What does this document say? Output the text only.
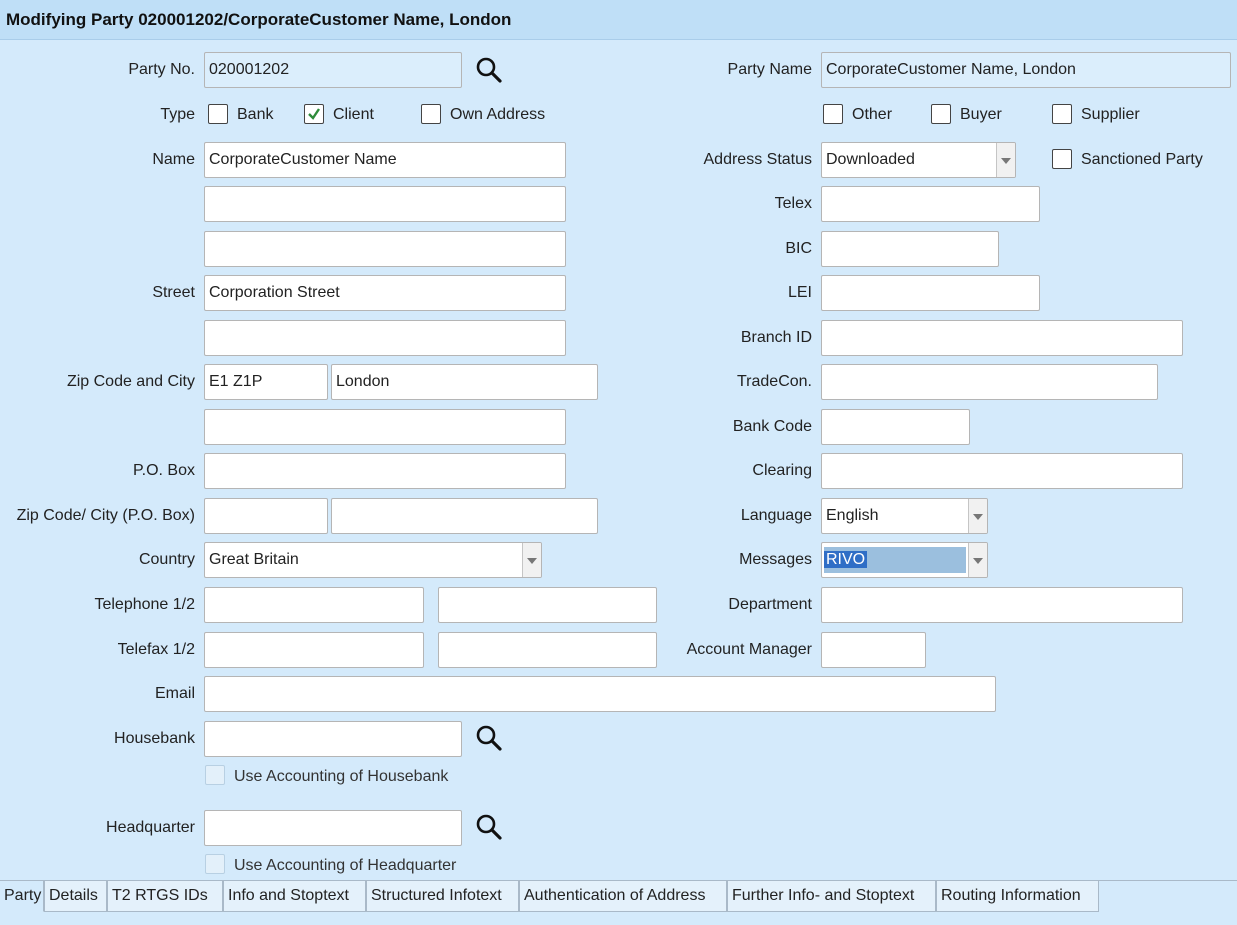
Modifying Party 020001202/CorporateCustomer Name, London
Party No. 020001202
Type	Bank	Client	Own Address
Name CorporateCustomer Name
Street Corporation Street
Zip Code and City E1 Z1P	London
P.O. Box
Zip Code/ City (P.O. Box)
Country Great Britain
Telephone 1/2
Telefax 1/2
Email
Housebank
Use Accounting of Housebank
Headquarter
Use Accounting of Headquarter
Party Name CorporateCustomer Name, London
Other	Buyer	Supplier
Address Status Downloaded	Sanctioned Party
Telex
BIC
LEI
Branch ID
TradeCon.
Bank Code
Clearing
Language English
Messages RIVO
Department
Account Manager
Party Details T2 RTGS IDs	Info and Stoptext	Structured Infotext	Authentication of Address	Further Info- and Stoptext	Routing Information
